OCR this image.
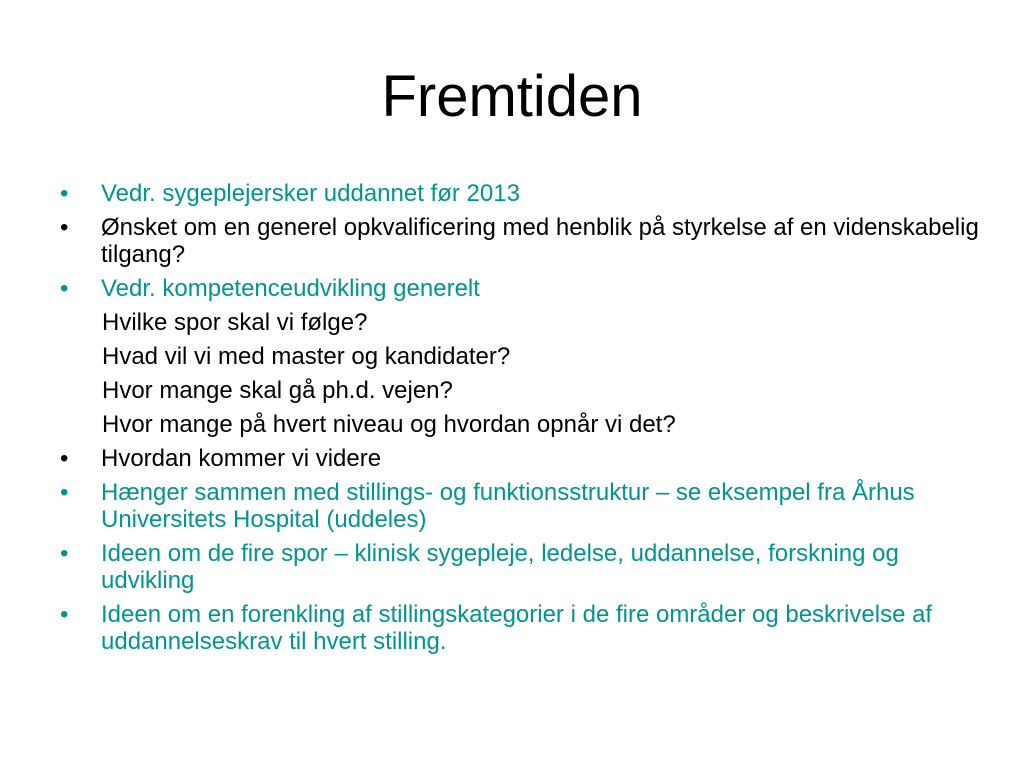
Fremtiden
•	Vedr. sygeplejersker uddannet før 2013
•	Ønsket om en generel opkvalificering med henblik på styrkelse af en videnskabelig tilgang?
•	Vedr. kompetenceudvikling generelt
Hvilke spor skal vi følge?
Hvad vil vi med master og kandidater?
Hvor mange skal gå ph.d. vejen?
Hvor mange på hvert niveau og hvordan opnår vi det?
•	Hvordan kommer vi videre
•	Hænger sammen med stillings- og funktionsstruktur – se eksempel fra Århus Universitets Hospital (uddeles)
•	Ideen om de fire spor – klinisk sygepleje, ledelse, uddannelse, forskning og udvikling
•	Ideen om en forenkling af stillingskategorier i de fire områder og beskrivelse af uddannelseskrav til hvert stilling.
